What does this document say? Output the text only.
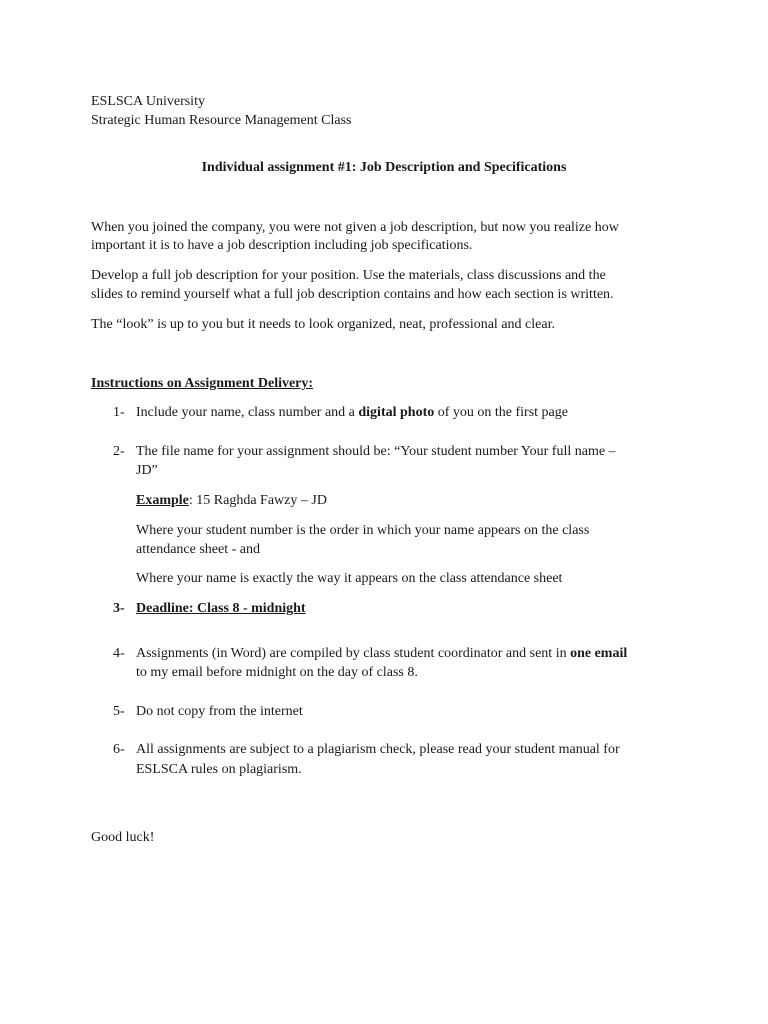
ESLSCA University
Strategic Human Resource Management Class
Individual assignment #1: Job Description and Specifications
When you joined the company, you were not given a job description, but now you realize how
important it is to have a job description including job specifications.
Develop a full job description for your position. Use the materials, class discussions and the
slides to remind yourself what a full job description contains and how each section is written.
The “look” is up to you but it needs to look organized, neat, professional and clear.
Instructions on Assignment Delivery:
1- Include your name, class number and a digital photo of you on the first page
2- The file name for your assignment should be: “Your student number Your full name –
JD”
Example: 15 Raghda Fawzy – JD
Where your student number is the order in which your name appears on the class
attendance sheet - and
Where your name is exactly the way it appears on the class attendance sheet
3- Deadline: Class 8 - midnight
4- Assignments (in Word) are compiled by class student coordinator and sent in one email
to my email before midnight on the day of class 8.
5- Do not copy from the internet
6- All assignments are subject to a plagiarism check, please read your student manual for
ESLSCA rules on plagiarism.
Good luck!
